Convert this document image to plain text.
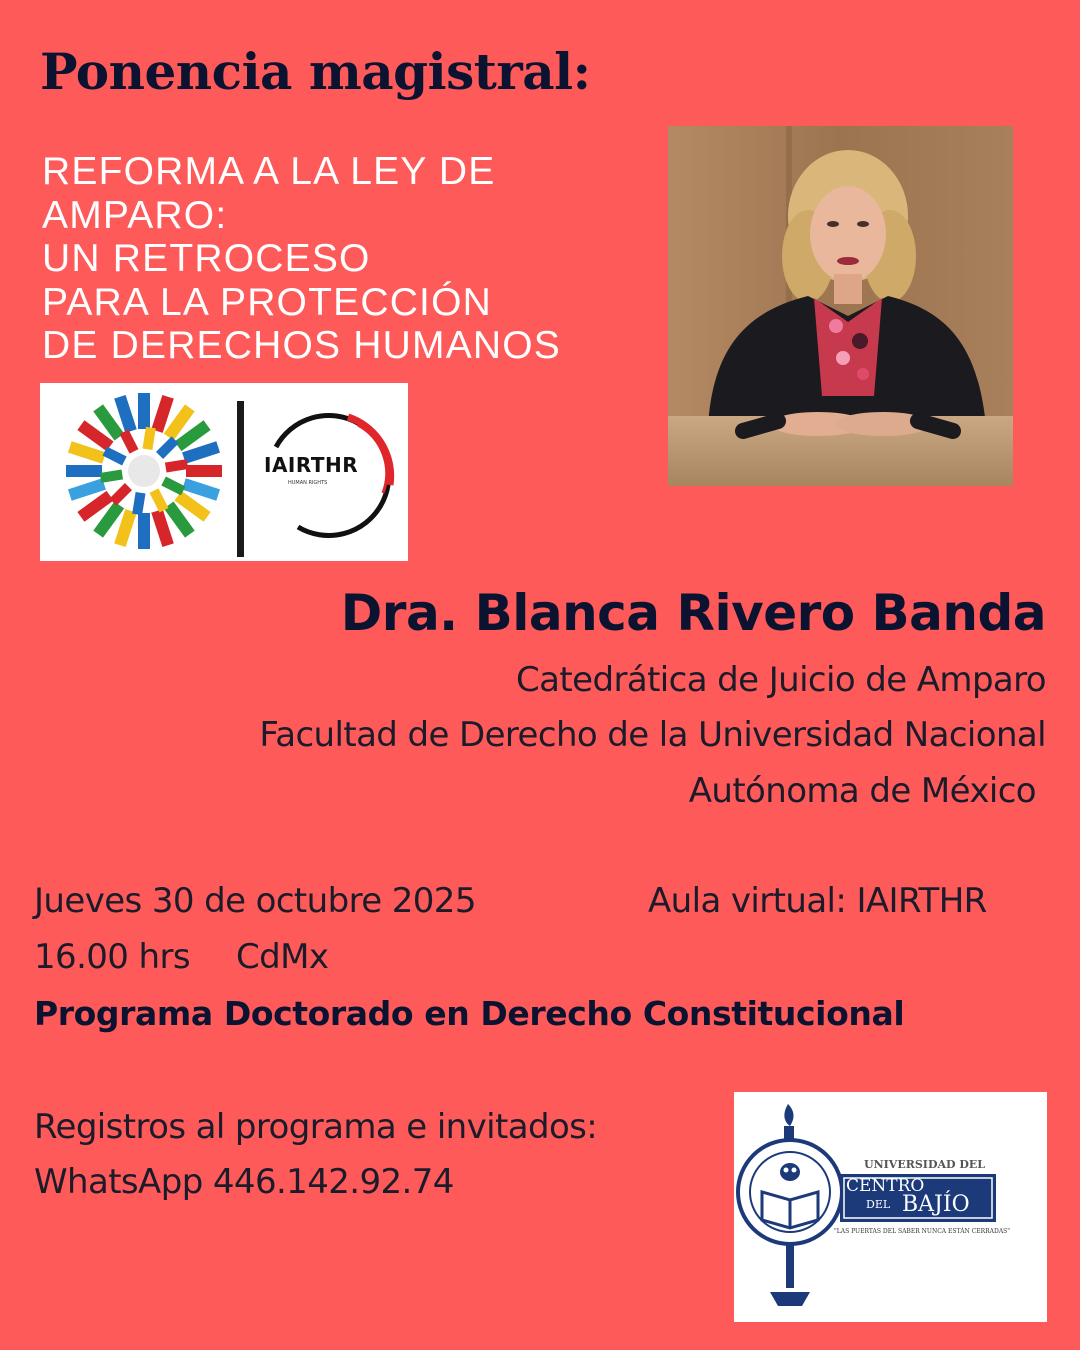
Ponencia magistral:
REFORMA A LA LEY DE
AMPARO:
UN RETROCESO
PARA LA PROTECCIÓN
DE DERECHOS HUMANOS
IAIRTHR
HUMAN RIGHTS
Dra. Blanca Rivero Banda
Catedrática de Juicio de Amparo
Facultad de Derecho de la Universidad Nacional
Autónoma de México
Jueves 30 de octubre 2025	Aula virtual: IAIRTHR
16.00 hrs CdMx
Programa Doctorado en Derecho Constitucional
Registros al programa e invitados:
WhatsApp 446.142.92.74	UNIVERSIDAD DEL
CENTRO
DEL BAJÍO
"LAS PUERTAS DEL SABER NUNCA ESTÁN CERRADAS"
